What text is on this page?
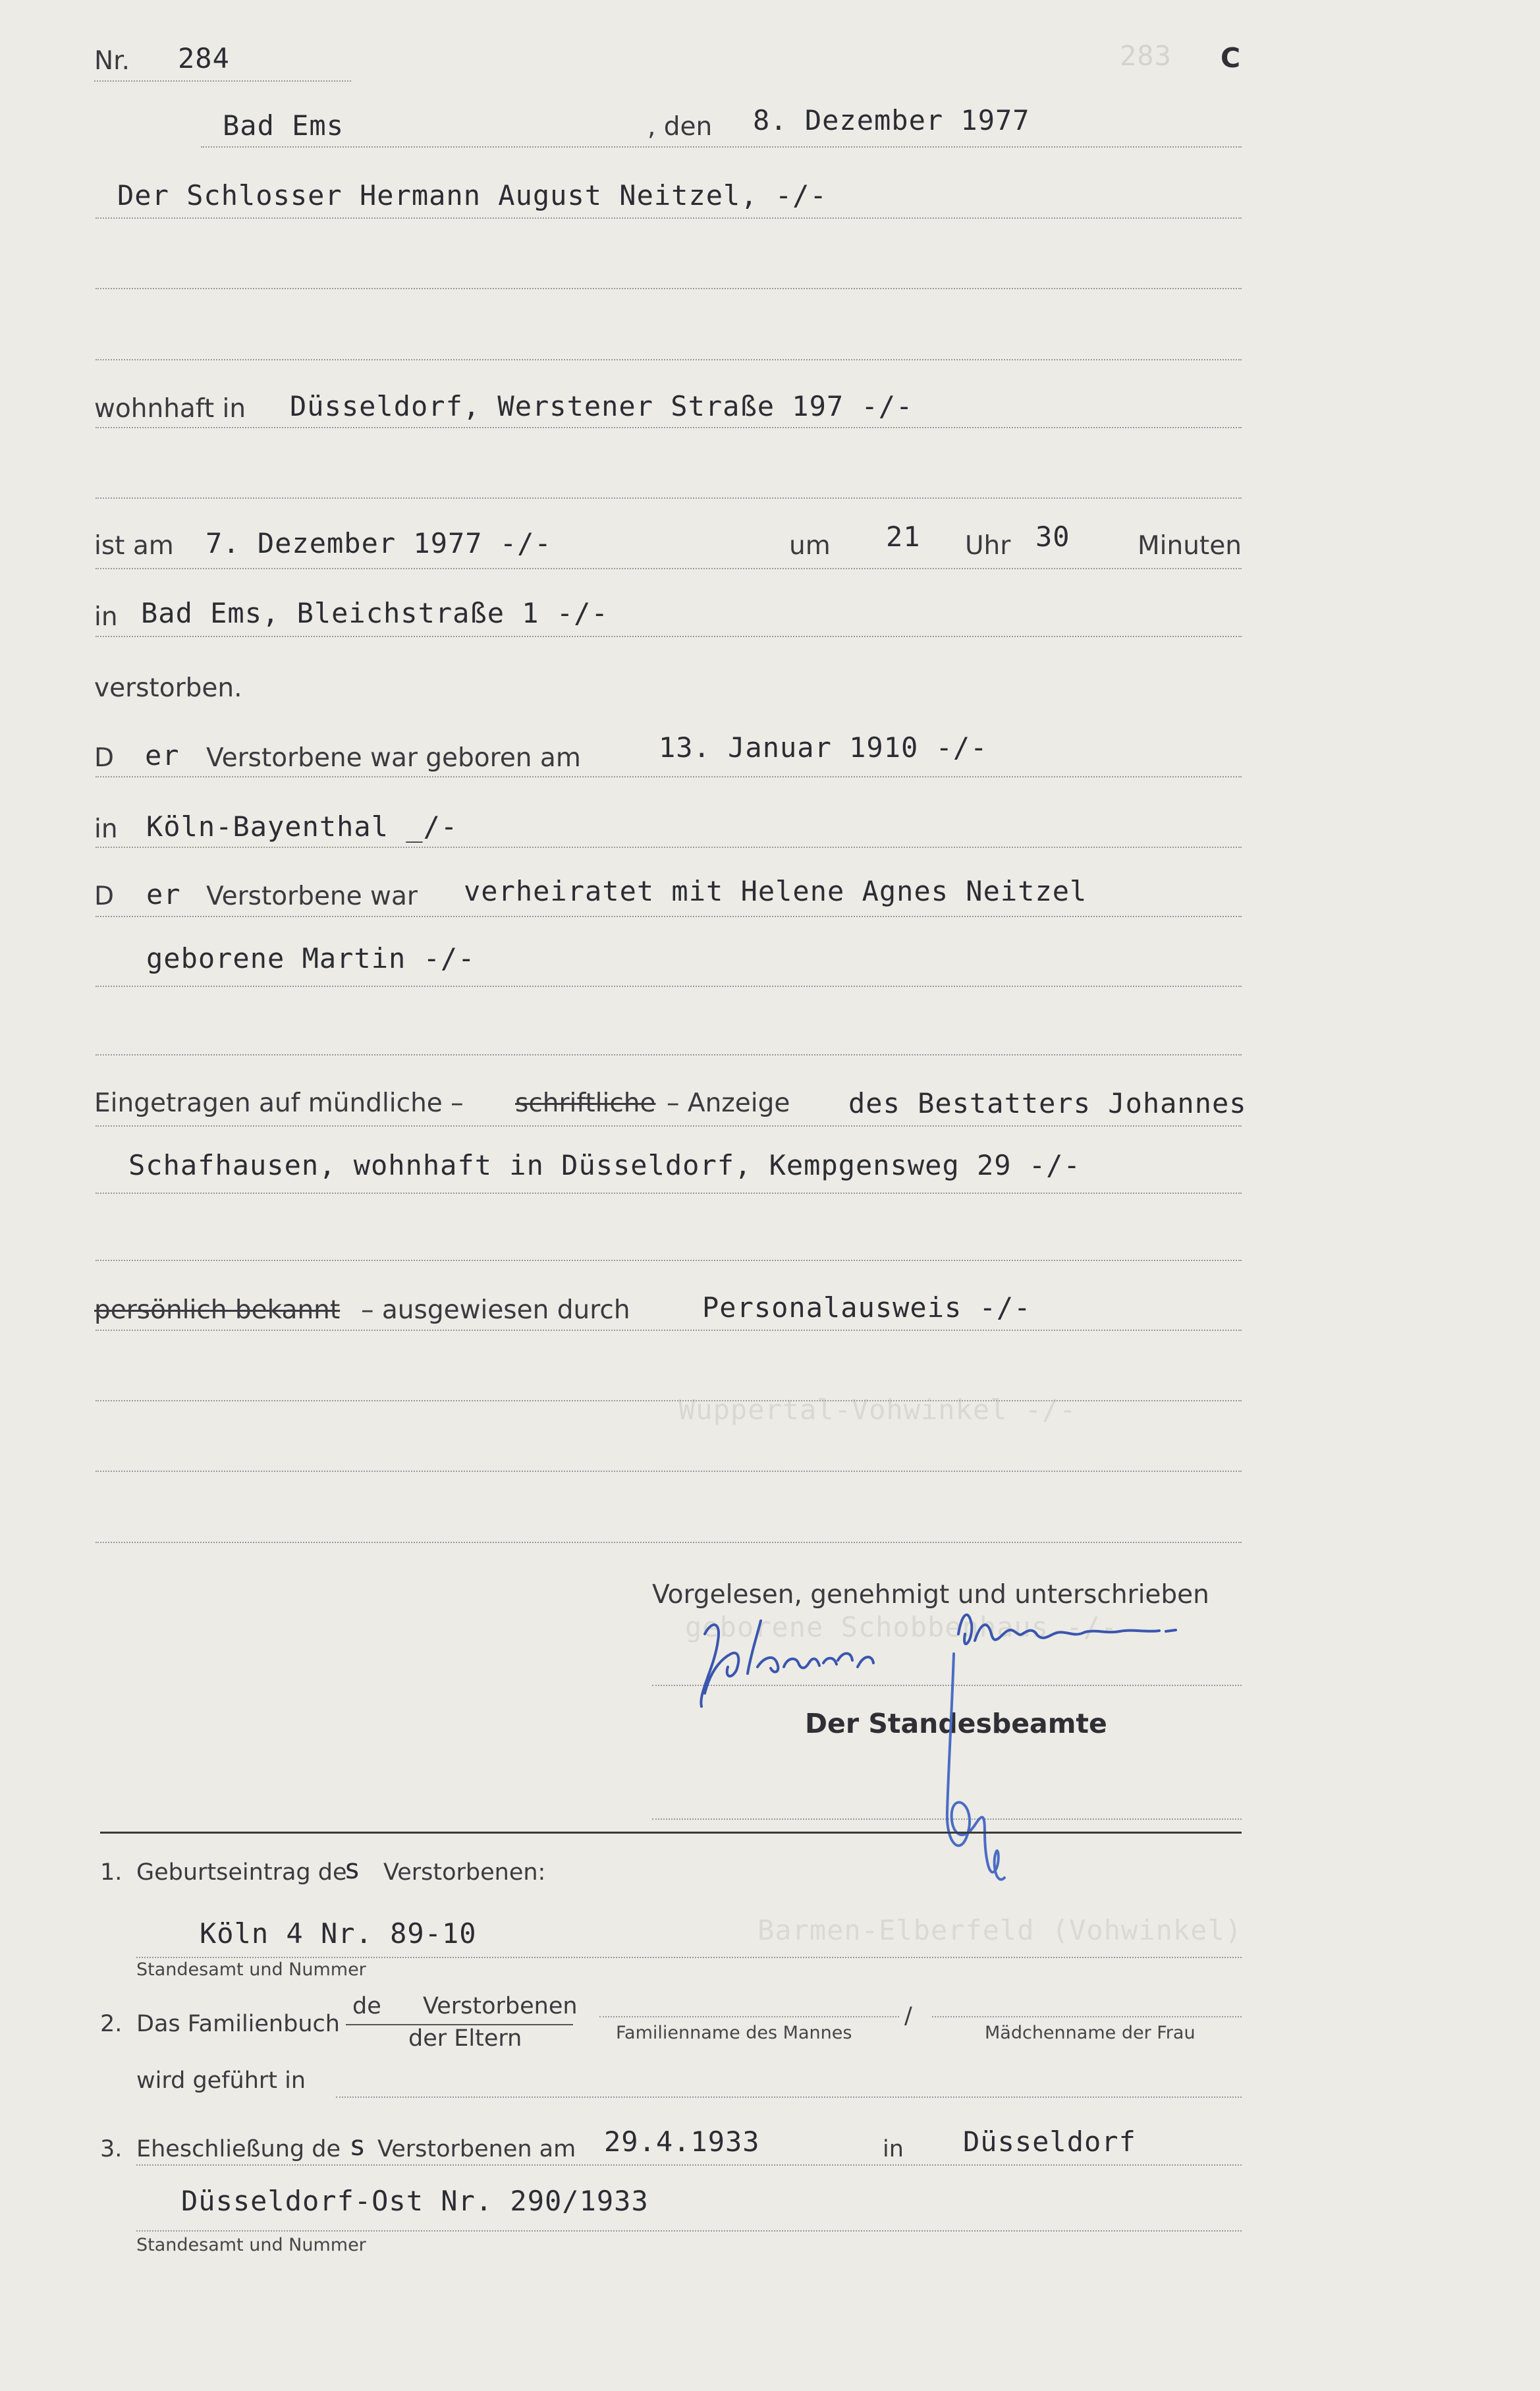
283
Wuppertal-Vohwinkel -/-
geborene Schobbenhaus -/-
Barmen-Elberfeld (Vohwinkel)
Nr. 284	C
Bad Ems	, den 8. Dezember 1977
Der Schlosser Hermann August Neitzel, -/-
wohnhaft in Düsseldorf, Werstener Straße 197 -/-
ist am 7. Dezember 1977 -/-	um 21 Uhr 30	Minuten
in Bad Ems, Bleichstraße 1 -/-
verstorben.
D er Verstorbene war geboren am	13. Januar 1910 -/-
in Köln-Bayenthal _/-
D er Verstorbene war verheiratet mit Helene Agnes Neitzel
geborene Martin -/-
Eingetragen auf mündliche – schriftliche – Anzeige des Bestatters Johannes
Schafhausen, wohnhaft in Düsseldorf, Kempgensweg 29 -/-
persönlich bekannt – ausgewiesen durch	Personalausweis -/-
Vorgelesen, genehmigt und unterschrieben
Der Standesbeamte
1. Geburtseintrag de
s Verstorbenen:
Köln 4 Nr. 89-10
Standesamt und Nummer
2. Das Familienbuch
de Verstorbenen
der Eltern	Familienname des Mannes
/
Mädchenname der Frau
wird geführt in
3. Eheschließung de s Verstorbenen am 29.4.1933	in Düsseldorf
Düsseldorf-Ost Nr. 290/1933
Standesamt und Nummer
